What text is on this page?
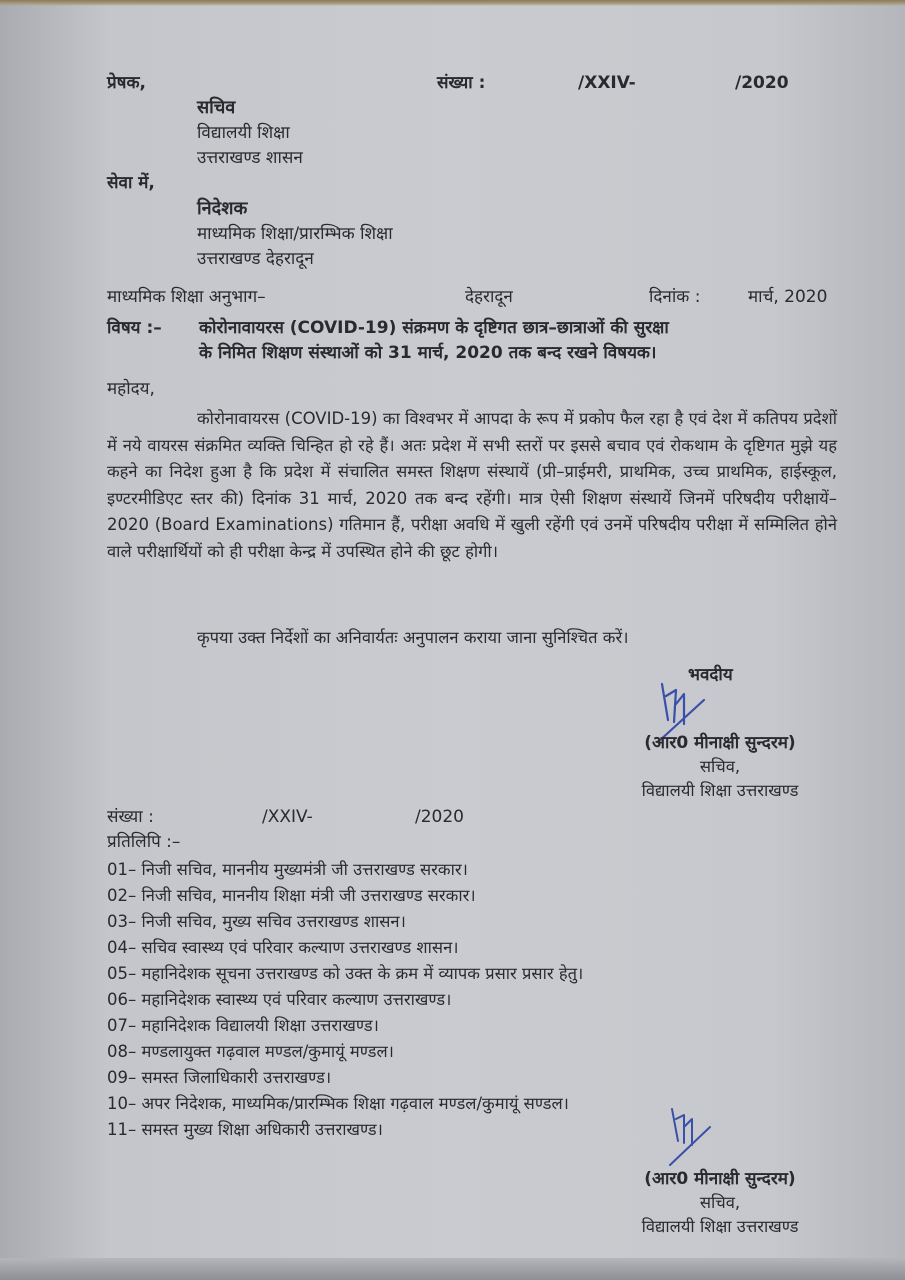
प्रेषक,	संख्या :	/XXIV-	/2020
सचिव
विद्यालयी शिक्षा
उत्तराखण्ड शासन
सेवा में,
निदेशक
माध्यमिक शिक्षा/प्रारम्भिक शिक्षा
उत्तराखण्ड देहरादून
माध्यमिक शिक्षा अनुभाग–	देहरादून	दिनांक :	मार्च, 2020
विषय :– कोरोनावायरस (COVID-19) संक्रमण के दृष्टिगत छात्र–छात्राओं की सुरक्षा
के निमित शिक्षण संस्थाओं को 31 मार्च, 2020 तक बन्द रखने विषयक।
महोदय,
कोरोनावायरस (COVID-19) का विश्वभर में आपदा के रूप में प्रकोप फैल रहा है एवं देश में कतिपय प्रदेशों में नये वायरस संक्रमित व्यक्ति चिन्हित हो रहे हैं। अतः प्रदेश में सभी स्तरों पर इससे बचाव एवं रोकथाम के दृष्टिगत मुझे यह कहने का निदेश हुआ है कि प्रदेश में संचालित समस्त शिक्षण संस्थायें (प्री–प्राईमरी, प्राथमिक, उच्च प्राथमिक, हाईस्कूल, इण्टरमीडिएट स्तर की) दिनांक 31 मार्च, 2020 तक बन्द रहेंगी। मात्र ऐसी शिक्षण संस्थायें जिनमें परिषदीय परीक्षायें–2020 (Board Examinations) गतिमान हैं, परीक्षा अवधि में खुली रहेंगी एवं उनमें परिषदीय परीक्षा में सम्मिलित होने वाले परीक्षार्थियों को ही परीक्षा केन्द्र में उपस्थित होने की छूट होगी।
कृपया उक्त निर्देशों का अनिवार्यतः अनुपालन कराया जाना सुनिश्चित करें।
भवदीय
(आर0 मीनाक्षी सुन्दरम)
सचिव,
विद्यालयी शिक्षा उत्तराखण्ड
संख्या :	/XXIV-	/2020
प्रतिलिपि :–
01– निजी सचिव, माननीय मुख्यमंत्री जी उत्तराखण्ड सरकार।
02– निजी सचिव, माननीय शिक्षा मंत्री जी उत्तराखण्ड सरकार।
03– निजी सचिव, मुख्य सचिव उत्तराखण्ड शासन।
04– सचिव स्वास्थ्य एवं परिवार कल्याण उत्तराखण्ड शासन।
05– महानिदेशक सूचना उत्तराखण्ड को उक्त के क्रम में व्यापक प्रसार प्रसार हेतु।
06– महानिदेशक स्वास्थ्य एवं परिवार कल्याण उत्तराखण्ड।
07– महानिदेशक विद्यालयी शिक्षा उत्तराखण्ड।
08– मण्डलायुक्त गढ़वाल मण्डल/कुमायूं मण्डल।
09– समस्त जिलाधिकारी उत्तराखण्ड।
10– अपर निदेशक, माध्यमिक/प्रारम्भिक शिक्षा गढ़वाल मण्डल/कुमायूं सण्डल।
11– समस्त मुख्य शिक्षा अधिकारी उत्तराखण्ड।
(आर0 मीनाक्षी सुन्दरम)
सचिव,
विद्यालयी शिक्षा उत्तराखण्ड
